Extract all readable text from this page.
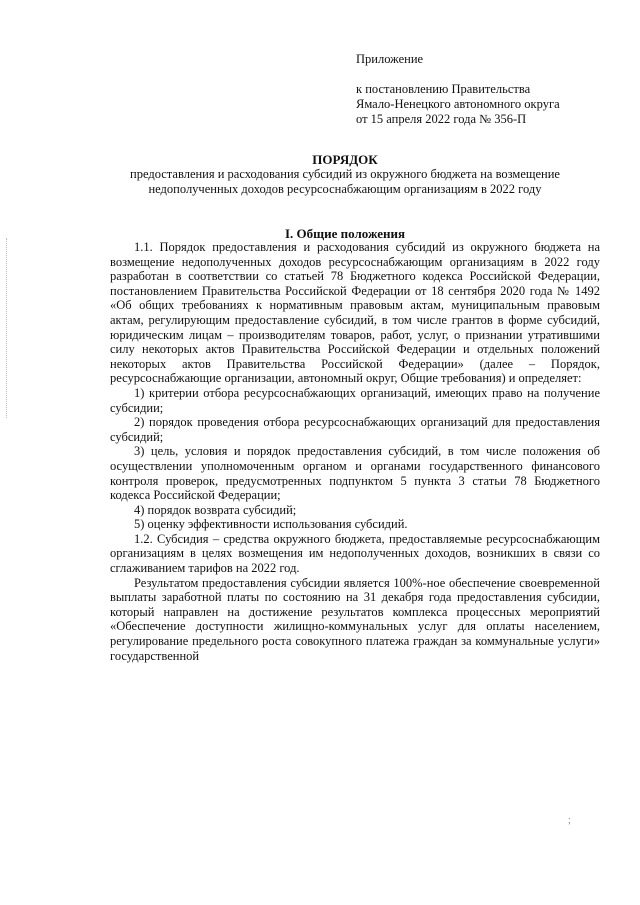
Приложение
к постановлению Правительства
Ямало-Ненецкого автономного округа
от 15 апреля 2022 года № 356-П
ПОРЯДОК
предоставления и расходования субсидий из окружного бюджета на возмещение недополученных доходов ресурсоснабжающим организациям в 2022 году
I. Общие положения

1.1. Порядок предоставления и расходования субсидий из окружного бюджета на возмещение недополученных доходов ресурсоснабжающим организациям в 2022 году разработан в соответствии со статьей 78 Бюджетного кодекса Российской Федерации, постановлением Правительства Российской Федерации от 18 сентября 2020 года № 1492 «Об общих требованиях к нормативным правовым актам, муниципальным правовым актам, регулирующим предоставление субсидий, в том числе грантов в форме субсидий, юридическим лицам – производителям товаров, работ, услуг, о признании утратившими силу некоторых актов Правительства Российской Федерации и отдельных положений некоторых актов Правительства Российской Федерации» (далее – Порядок, ресурсоснабжающие организации, автономный округ, Общие требования) и определяет:

1) критерии отбора ресурсоснабжающих организаций, имеющих право на получение субсидии;

2) порядок проведения отбора ресурсоснабжающих организаций для предоставления субсидий;

3) цель, условия и порядок предоставления субсидий, в том числе положения об осуществлении уполномоченным органом и органами государственного финансового контроля проверок, предусмотренных подпунктом 5 пункта 3 статьи 78 Бюджетного кодекса Российской Федерации;

4) порядок возврата субсидий;

5) оценку эффективности использования субсидий.

1.2. Субсидия – средства окружного бюджета, предоставляемые ресурсоснабжающим организациям в целях возмещения им недополученных доходов, возникших в связи со сглаживанием тарифов на 2022 год.

Результатом предоставления субсидии является 100%-ное обеспечение своевременной выплаты заработной платы по состоянию на 31 декабря года предоставления субсидии, который направлен на достижение результатов комплекса процессных мероприятий «Обеспечение доступности жилищно-коммунальных услуг для оплаты населением, регулирование предельного роста совокупного платежа граждан за коммунальные услуги» государственной

;
